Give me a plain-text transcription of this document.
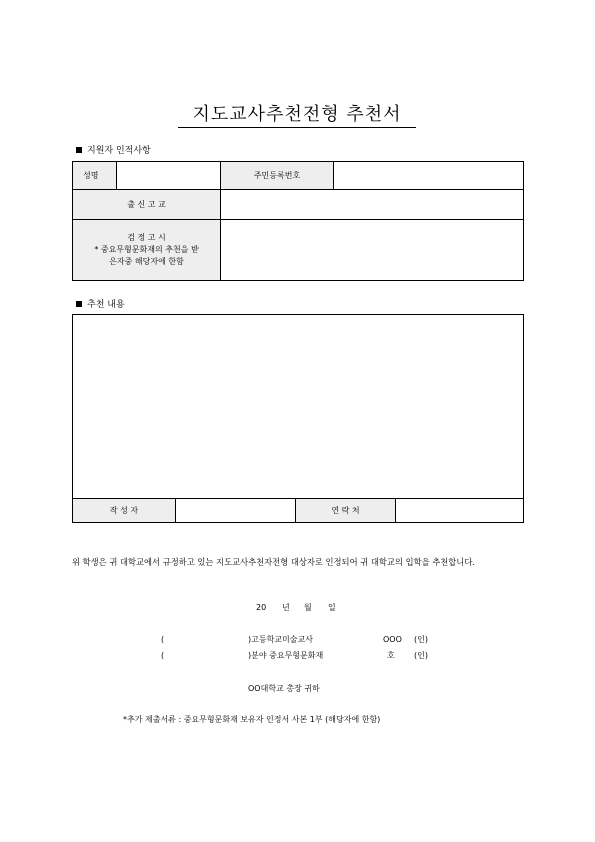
지도교사추천전형 추천서
지원자 인적사항
성명		주민등록번호	
출 신 고 교			

검 정 고 시
* 중요무형문화재의 추천을 받
은자중 해당자에 한함			

추천 내용
작 성 자		연 락 처	
위 학생은 귀 대학교에서 규정하고 있는 지도교사추천자전형 대상자로 인정되어 귀 대학교의 입학을 추천합니다.
20 년 월 일
(	)고등학교미술교사	OOO (인)
(	)분야 중요무형문화재	호 (인)
OO대학교 총장 귀하
*추가 제출서류 : 중요무형문화재 보유자 인정서 사본 1부 (해당자에 한함)
